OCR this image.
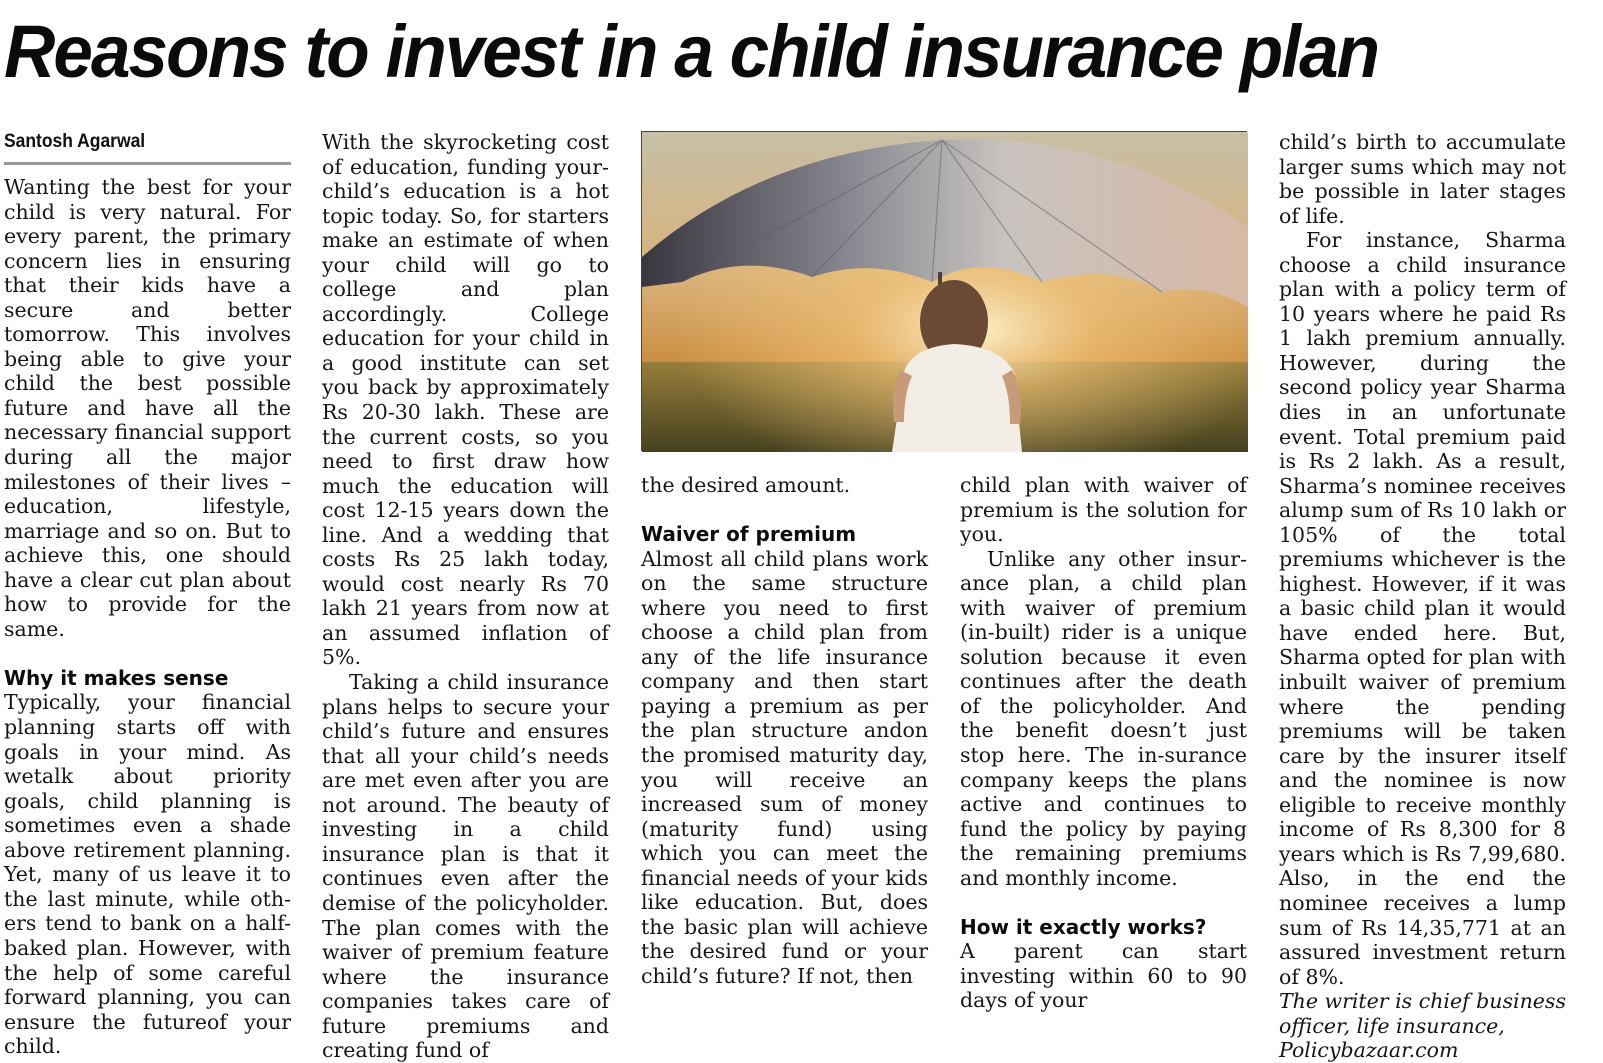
Reasons to invest in a child insurance plan
Santosh Agarwal

Wanting the best for your child is very natural. For every parent, the primary concern lies in ensuring that their kids have a secure and better tomorrow. This involves being able to give your child the best possible future and have all the necessary financial support during all the major milestones of their lives –education, lifestyle, marriage and so on. But to achieve this, one should have a clear cut plan about how to provide for the same.

Why it makes sense

Typically, your financial planning starts off with goals in your mind. As wetalk about priority goals, child planning is sometimes even a shade above retirement planning. Yet, many of us leave it to the last minute, while others tend to bank on a half-baked plan. However, with the help of some careful forward planning, you can ensure the futureof your child.

With the skyrocketing cost of education, funding your-child’s education is a hot topic today. So, for starters make an estimate of when your child will go to college and plan accordingly. College education for your child in a good institute can set you back by approximately Rs 20-30 lakh. These are the current costs, so you need to first draw how much the education will cost 12-15 years down the line. And a wedding that costs Rs 25 lakh today, would cost nearly Rs 70 lakh 21 years from now at an assumed inflation of 5%.

Taking a child insurance plans helps to secure your child’s future and ensures that all your child’s needs are met even after you are not around. The beauty of investing in a child insurance plan is that it continues even after the demise of the policyholder. The plan comes with the waiver of premium feature where the insurance companies takes care of future premiums and creating fund of

the desired amount.

Waiver of premium

Almost all child plans work on the same structure where you need to first choose a child plan from any of the life insurance company and then start paying a premium as per the plan structure andon the promised maturity day, you will receive an increased sum of money (maturity fund) using which you can meet the financial needs of your kids like education. But, does the basic plan will achieve the desired fund or your child’s future? If not, then

child plan with waiver of premium is the solution for you.

Unlike any other insurance plan, a child plan with waiver of premium (in-built) rider is a unique solution because it even continues after the death of the policyholder. And the benefit doesn’t just stop here. The in-surance company keeps the plans active and continues to fund the policy by paying the remaining premiums and monthly income.

How it exactly works?

A parent can start investing within 60 to 90 days of your

child’s birth to accumulate larger sums which may not be possible in later stages of life.

For instance, Sharma choose a child insurance plan with a policy term of 10 years where he paid Rs 1 lakh premium annually. However, during the second policy year Sharma dies in an unfortunate event. Total premium paid is Rs 2 lakh. As a result, Sharma’s nominee receives alump sum of Rs 10 lakh or 105% of the total premiums whichever is the highest. However, if it was a basic child plan it would have ended here. But, Sharma opted for plan with inbuilt waiver of premium where the pending premiums will be taken care by the insurer itself and the nominee is now eligible to receive monthly income of Rs 8,300 for 8 years which is Rs 7,99,680. Also, in the end the nominee receives a lump sum of Rs 14,35,771 at an assured investment return of 8%.

The writer is chief business officer, life insurance, Policybazaar.com
